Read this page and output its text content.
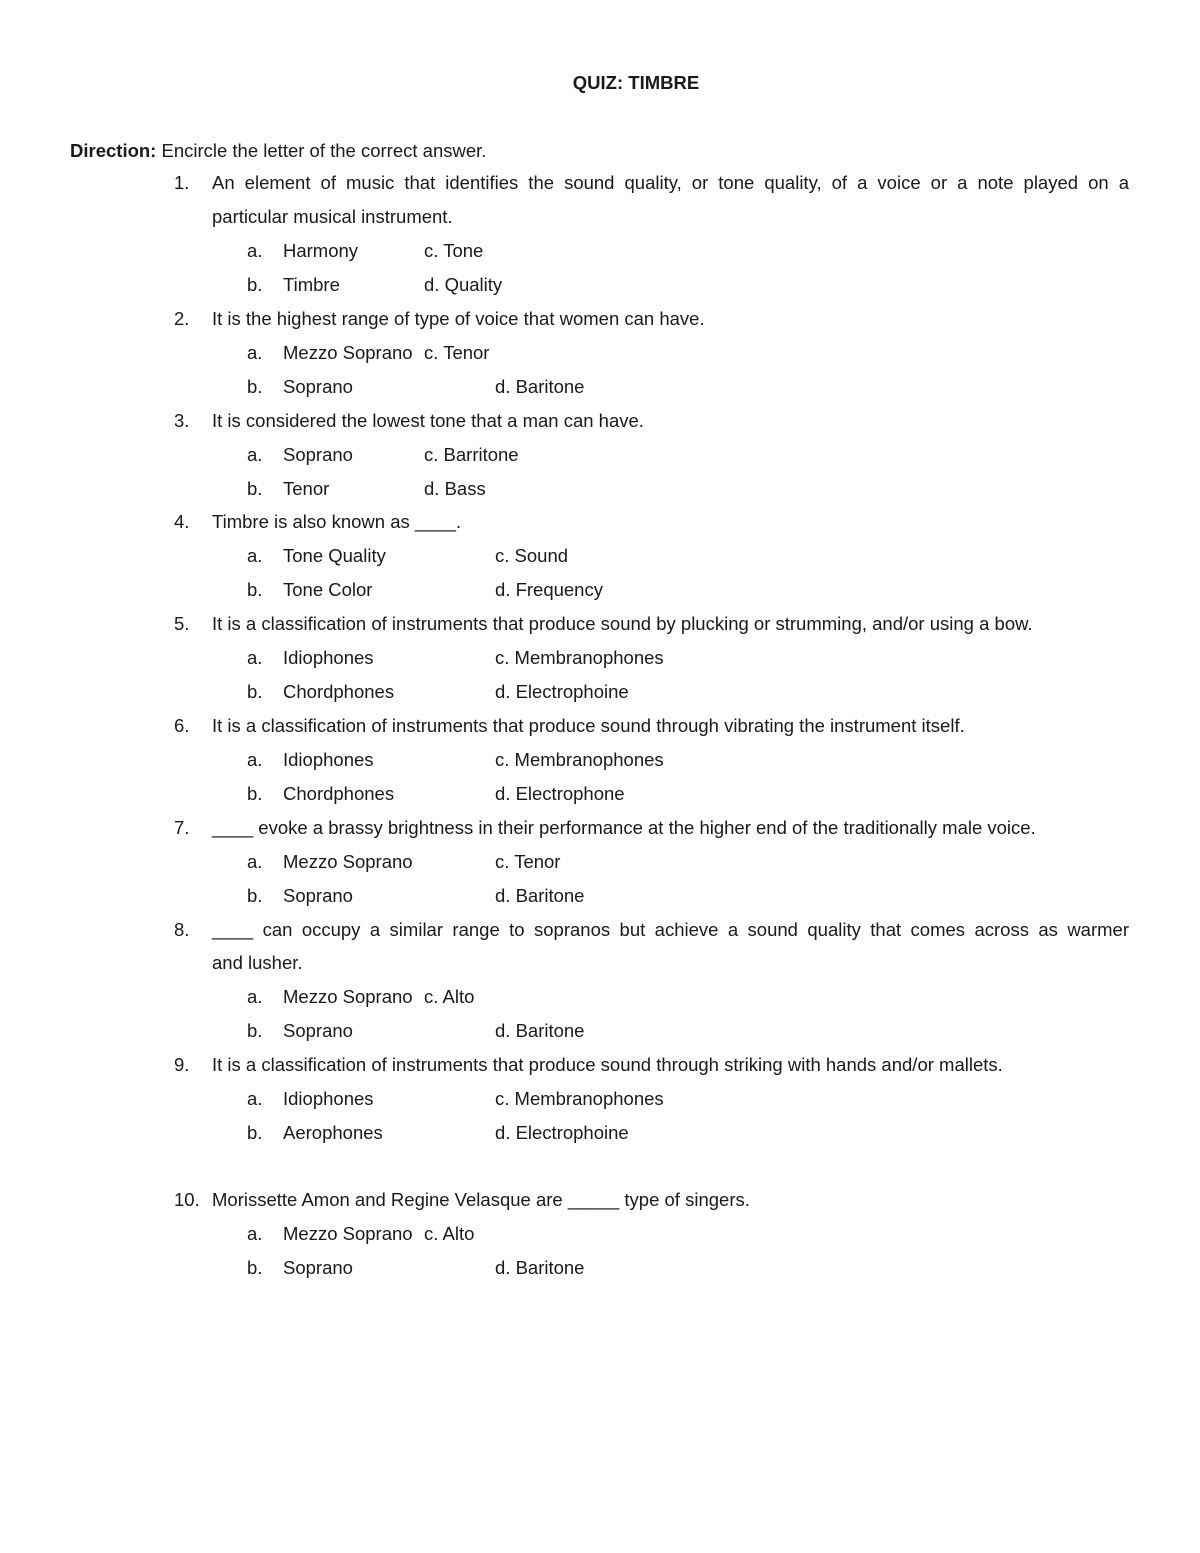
QUIZ: TIMBRE
Direction: Encircle the letter of the correct answer.
1. An element of music that identifies the sound quality, or tone quality, of a voice or a note played on a
particular musical instrument.
a. Harmony	c. Tone
b. Timbre	d. Quality
2. It is the highest range of type of voice that women can have.
a. Mezzo Soprano c. Tenor
b. Soprano	d. Baritone
3. It is considered the lowest tone that a man can have.
a. Soprano	c. Barritone
b. Tenor	d. Bass
4. Timbre is also known as ____.
a. Tone Quality	c. Sound
b. Tone Color	d. Frequency
5. It is a classification of instruments that produce sound by plucking or strumming, and/or using a bow.
a. Idiophones	c. Membranophones
b. Chordphones	d. Electrophoine
6. It is a classification of instruments that produce sound through vibrating the instrument itself.
a. Idiophones	c. Membranophones
b. Chordphones	d. Electrophone
7. ____ evoke a brassy brightness in their performance at the higher end of the traditionally male voice.
a. Mezzo Soprano	c. Tenor
b. Soprano	d. Baritone
8. ____ can occupy a similar range to sopranos but achieve a sound quality that comes across as warmer
and lusher.
a. Mezzo Soprano c. Alto
b. Soprano	d. Baritone
9. It is a classification of instruments that produce sound through striking with hands and/or mallets.
a. Idiophones	c. Membranophones
b. Aerophones	d. Electrophoine
10. Morissette Amon and Regine Velasque are _____ type of singers.
a. Mezzo Soprano c. Alto
b. Soprano	d. Baritone
